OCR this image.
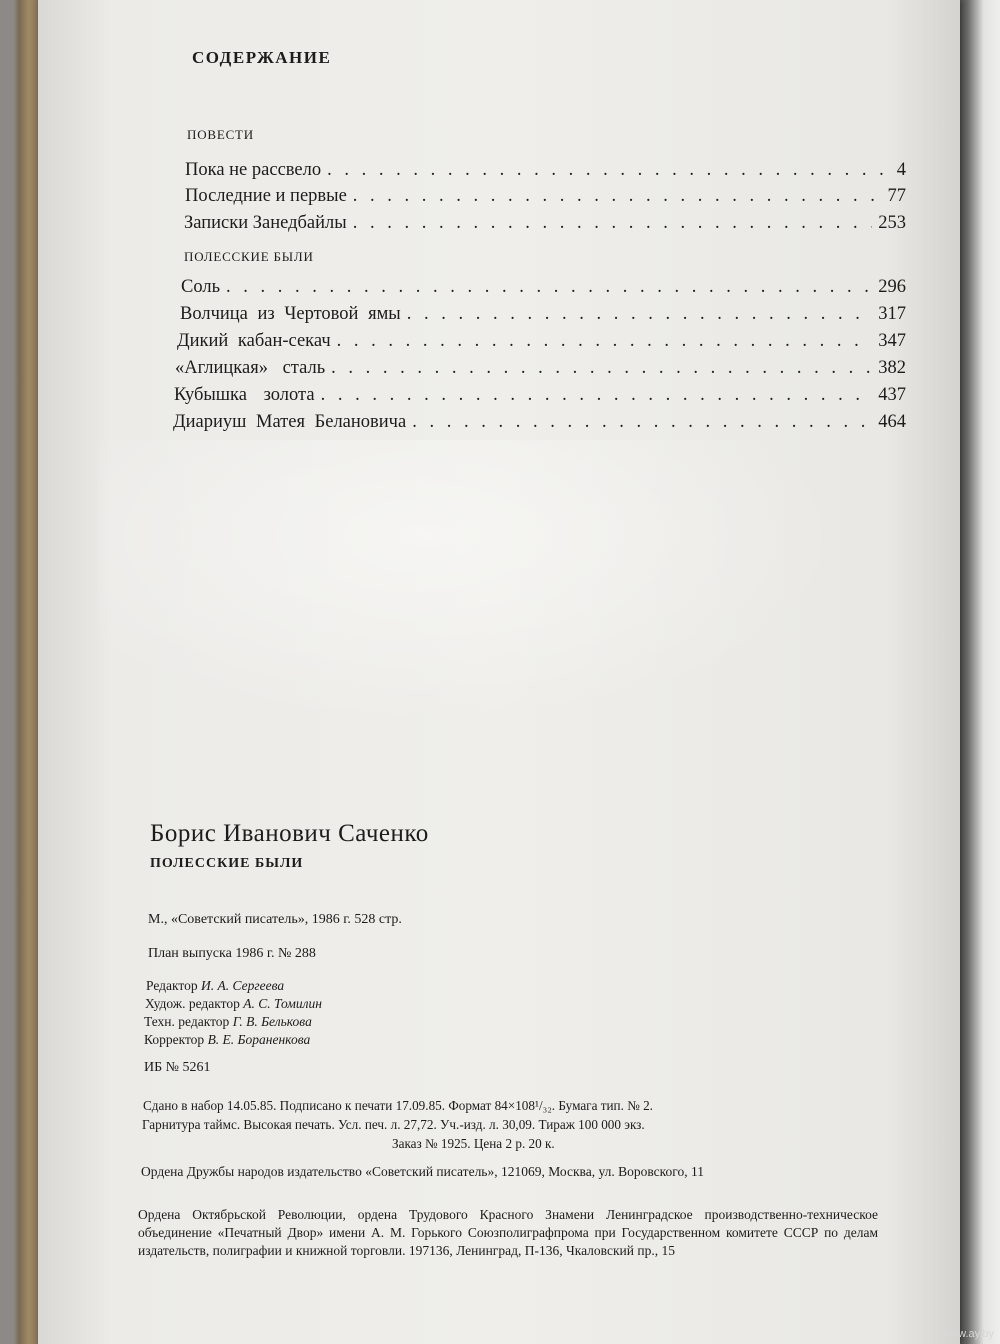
СОДЕРЖАНИЕ
ПОВЕСТИ
Пока не рассвело . . .	4
Последние и первые . . .	77
Записки Занедбайлы . . .	253
ПОЛЕССКИЕ БЫЛИ
Соль . . .	296
Волчица из Чертовой ямы . . .	317
Дикий кабан-секач . . .	347
«Аглицкая» сталь . . .	382
Кубышка золота . . .	437
Диариуш Матея Белановича . . .	464
Борис Иванович Саченко
ПОЛЕССКИЕ БЫЛИ
М., «Советский писатель», 1986 г. 528 стр.
План выпуска 1986 г. № 288
Редактор И. А. Сергеева
Худож. редактор А. С. Томилин
Техн. редактор Г. В. Белькова
Корректор В. Е. Бораненкова
ИБ № 5261
Сдано в набор 14.05.85. Подписано к печати 17.09.85. Формат 84×108¹/₃₂. Бумага тип. № 2.
Гарнитура таймс. Высокая печать. Усл. печ. л. 27,72. Уч.-изд. л. 30,09. Тираж 100 000 экз.
Заказ № 1925. Цена 2 р. 20 к.
Ордена Дружбы народов издательство «Советский писатель», 121069, Москва, ул. Воровского, 11
Ордена Октябрьской Революции, ордена Трудового Красного Знамени Ленинградское производственно-техническое объединение «Печатный Двор» имени А. М. Горького Союзполиграфпрома при Государственном комитете СССР по делам издательств, полиграфии и книжной торговли. 197136, Ленинград, П-136, Чкаловский пр., 15
www.ay.by
